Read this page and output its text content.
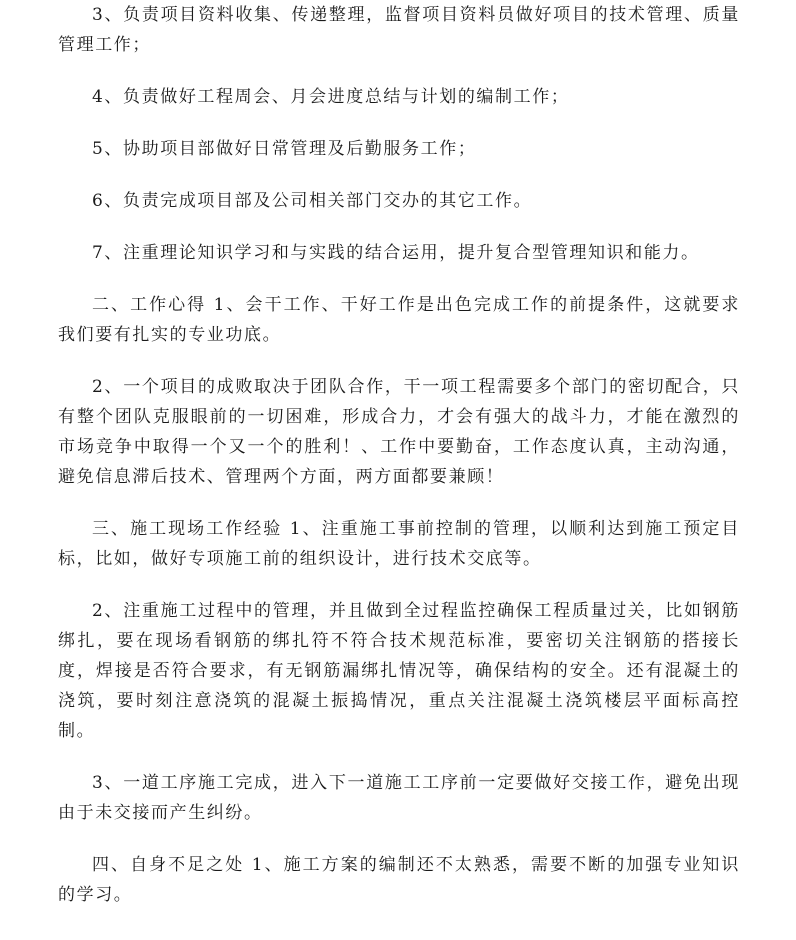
3、负责项目资料收集、传递整理，监督项目资料员做好项目的技术管理、质量管理工作；

4、负责做好工程周会、月会进度总结与计划的编制工作；

5、协助项目部做好日常管理及后勤服务工作；

6、负责完成项目部及公司相关部门交办的其它工作。

7、注重理论知识学习和与实践的结合运用，提升复合型管理知识和能力。

二、工作心得 1、会干工作、干好工作是出色完成工作的前提条件，这就要求我们要有扎实的专业功底。

2、一个项目的成败取决于团队合作，干一项工程需要多个部门的密切配合，只有整个团队克服眼前的一切困难，形成合力，才会有强大的战斗力，才能在激烈的市场竞争中取得一个又一个的胜利！、工作中要勤奋，工作态度认真，主动沟通，避免信息滞后技术、管理两个方面，两方面都要兼顾！

三、施工现场工作经验 1、注重施工事前控制的管理，以顺利达到施工预定目标，比如，做好专项施工前的组织设计，进行技术交底等。

2、注重施工过程中的管理，并且做到全过程监控确保工程质量过关，比如钢筋绑扎，要在现场看钢筋的绑扎符不符合技术规范标准，要密切关注钢筋的搭接长度，焊接是否符合要求，有无钢筋漏绑扎情况等，确保结构的安全。还有混凝土的浇筑，要时刻注意浇筑的混凝土振捣情况，重点关注混凝土浇筑楼层平面标高控制。

3、一道工序施工完成，进入下一道施工工序前一定要做好交接工作，避免出现由于未交接而产生纠纷。

四、自身不足之处 1、施工方案的编制还不太熟悉，需要不断的加强专业知识的学习。
